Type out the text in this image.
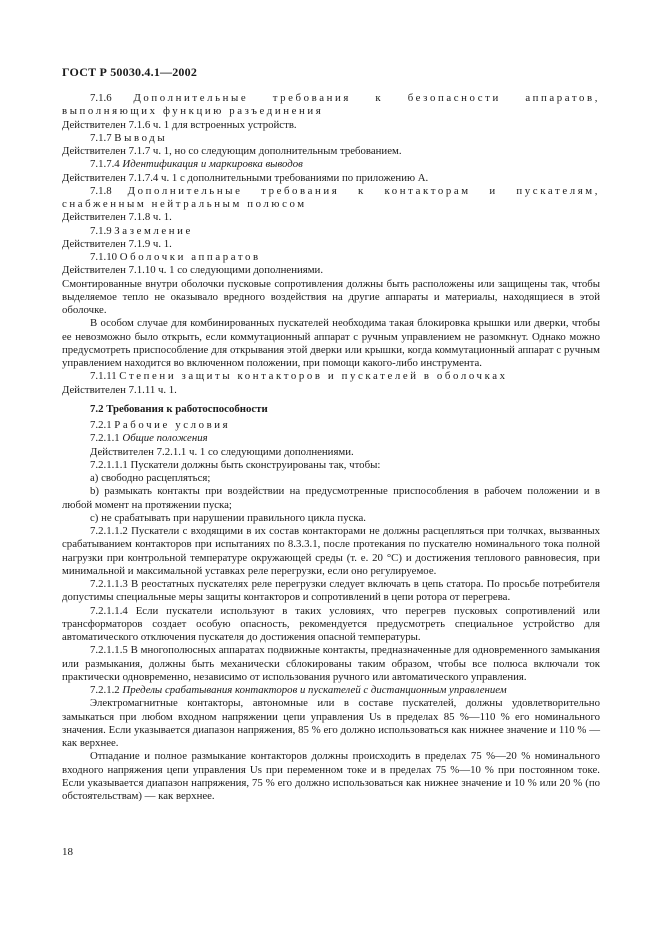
ГОСТ Р 50030.4.1—2002

7.1.6 Дополнительные требования к безопасности аппаратов, выполняющих функцию разъединения

Действителен 7.1.6 ч. 1 для встроенных устройств.

7.1.7 Выводы

Действителен 7.1.7 ч. 1, но со следующим дополнительным требованием.

7.1.7.4 Идентификация и маркировка выводов

Действителен 7.1.7.4 ч. 1 с дополнительными требованиями по приложению А.

7.1.8 Дополнительные требования к контакторам и пускателям, снабженным нейтральным полюсом

Действителен 7.1.8 ч. 1.

7.1.9 Заземление

Действителен 7.1.9 ч. 1.

7.1.10 Оболочки аппаратов

Действителен 7.1.10 ч. 1 со следующими дополнениями.

Смонтированные внутри оболочки пусковые сопротивления должны быть расположены или защищены так, чтобы выделяемое тепло не оказывало вредного воздействия на другие аппараты и материалы, находящиеся в этой оболочке.

В особом случае для комбинированных пускателей необходима такая блокировка крышки или дверки, чтобы ее невозможно было открыть, если коммутационный аппарат с ручным управлением не разомкнут. Однако можно предусмотреть приспособление для открывания этой дверки или крышки, когда коммутационный аппарат с ручным управлением находится во включенном положении, при помощи какого-либо инструмента.

7.1.11 Степени защиты контакторов и пускателей в оболочках

Действителен 7.1.11 ч. 1.

7.2 Требования к работоспособности

7.2.1 Рабочие условия

7.2.1.1 Общие положения

Действителен 7.2.1.1 ч. 1 со следующими дополнениями.

7.2.1.1.1 Пускатели должны быть сконструированы так, чтобы:

a) свободно расцепляться;

b) размыкать контакты при воздействии на предусмотренные приспособления в рабочем положении и в любой момент на протяжении пуска;

c) не срабатывать при нарушении правильного цикла пуска.

7.2.1.1.2 Пускатели с входящими в их состав контакторами не должны расцепляться при толчках, вызванных срабатыванием контакторов при испытаниях по 8.3.3.1, после протекания по пускателю номинального тока полной нагрузки при контрольной температуре окружающей среды (т. е. 20 °С) и достижения теплового равновесия, при минимальной и максимальной уставках реле перегрузки, если оно регулируемое.

7.2.1.1.3 В реостатных пускателях реле перегрузки следует включать в цепь статора. По просьбе потребителя допустимы специальные меры защиты контакторов и сопротивлений в цепи ротора от перегрева.

7.2.1.1.4 Если пускатели используют в таких условиях, что перегрев пусковых сопротивлений или трансформаторов создает особую опасность, рекомендуется предусмотреть специальное устройство для автоматического отключения пускателя до достижения опасной температуры.

7.2.1.1.5 В многополюсных аппаратах подвижные контакты, предназначенные для одновременного замыкания или размыкания, должны быть механически сблокированы таким образом, чтобы все полюса включали ток практически одновременно, независимо от использования ручного или автоматического управления.

7.2.1.2 Пределы срабатывания контакторов и пускателей с дистанционным управлением

Электромагнитные контакторы, автономные или в составе пускателей, должны удовлетворительно замыкаться при любом входном напряжении цепи управления Us в пределах 85 %—110 % его номинального значения. Если указывается диапазон напряжения, 85 % его должно использоваться как нижнее значение и 110 % — как верхнее.

Отпадание и полное размыкание контакторов должны происходить в пределах 75 %—20 % номинального входного напряжения цепи управления Us при переменном токе и в пределах 75 %—10 % при постоянном токе. Если указывается диапазон напряжения, 75 % его должно использоваться как нижнее значение и 10 % или 20 % (по обстоятельствам) — как верхнее.

18
